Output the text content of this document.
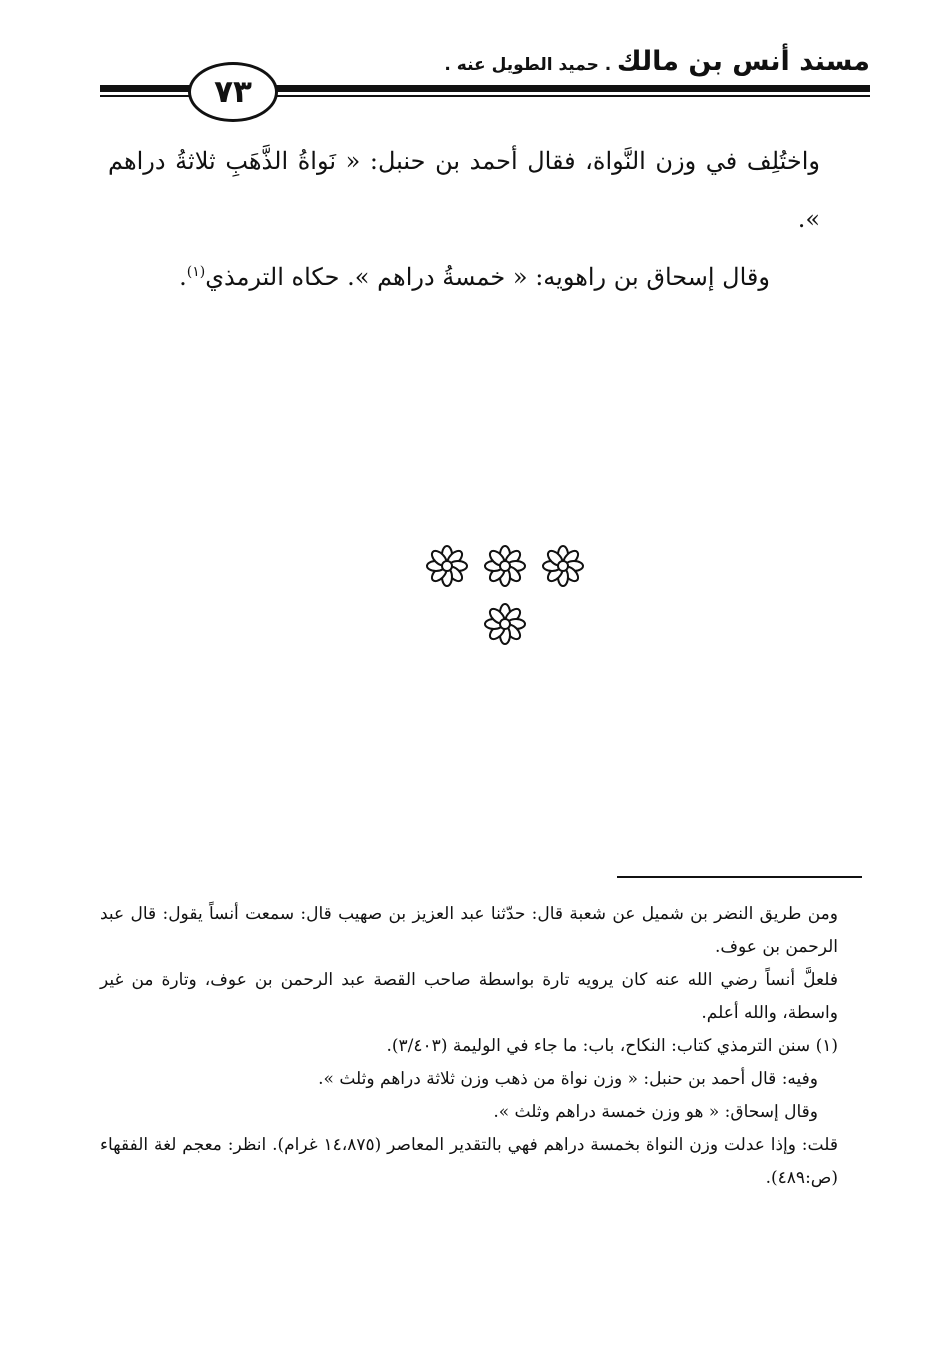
مسند أنس بن مالك . حميد الطويل عنه .
٧٣

واختُلِف في وزن النَّواة، فقال أحمد بن حنبل: « نَواةُ الذَّهَبِ ثلاثةُ دراهم ».

وقال إسحاق بن راهويه: « خمسةُ دراهم ». حكاه الترمذي$^{(١)}$.

ومن طريق النضر بن شميل عن شعبة قال: حدّثنا عبد العزيز بن صهيب قال: سمعت أنساً يقول: قال عبد الرحمن بن عوف.

فلعلَّ أنساً رضي الله عنه كان يرويه تارة بواسطة صاحب القصة عبد الرحمن بن عوف، وتارة من غير واسطة، والله أعلم.

(١) سنن الترمذي كتاب: النكاح، باب: ما جاء في الوليمة (٣/٤٠٣).

وفيه: قال أحمد بن حنبل: « وزن نواة من ذهب وزن ثلاثة دراهم وثلث ».

وقال إسحاق: « هو وزن خمسة دراهم وثلث ».

قلت: وإذا عدلت وزن النواة بخمسة دراهم فهي بالتقدير المعاصر (١٤،٨٧٥ غرام). انظر: معجم لغة الفقهاء (ص:٤٨٩).
